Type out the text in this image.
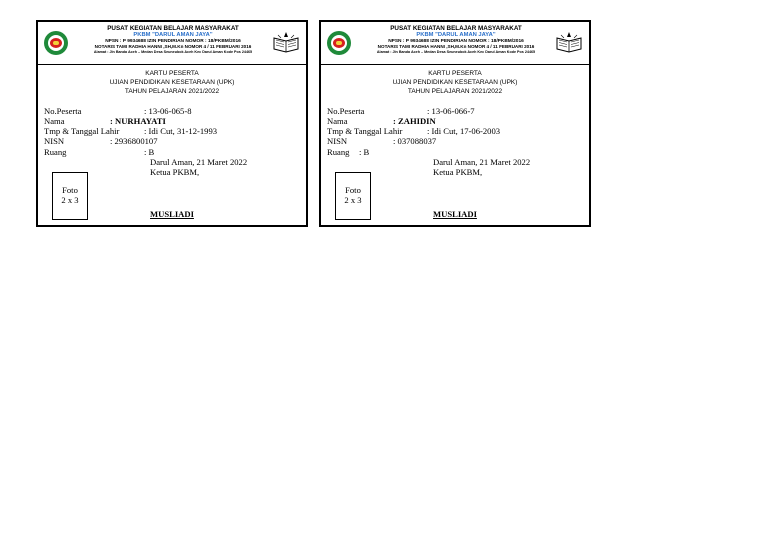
PUSAT KEGIATAN BELAJAR MASYARAKAT
PKBM "DARUL AMAN JAYA"
NPSN : P 9934688 IZIN PENDIRIAN NOMOR : 18/PKBM/2016
NOTARIS TAMI RADHIA HANNI ,SH,M.Kn NOMOR 4 / 11 FEBRUARI 2016
Alamat : Jln Banda Aceh – Medan Desa Seuneubok Aceh Kec Darul Aman Kode Pos 24465
KARTU PESERTA
UJIAN PENDIDIKAN KESETARAAN (UPK)
TAHUN PELAJARAN 2021/2022
No.Peserta	: 13-06-065-8
Nama	: NURHAYATI
Tmp & Tanggal Lahir	: Idi Cut, 31-12-1993
NISN	: 2936800107
Ruang	: B
Darul Aman, 21 Maret 2022
Ketua PKBM,
Foto
2 x 3
MUSLIADI
PUSAT KEGIATAN BELAJAR MASYARAKAT
PKBM "DARUL AMAN JAYA"
NPSN : P 9934688 IZIN PENDIRIAN NOMOR : 18/PKBM/2016
NOTARIS TAMI RADHIA HANNI ,SH,M.Kn NOMOR 4 / 11 FEBRUARI 2016
Alamat : Jln Banda Aceh – Medan Desa Seuneubok Aceh Kec Darul Aman Kode Pos 24465
KARTU PESERTA
UJIAN PENDIDIKAN KESETARAAN (UPK)
TAHUN PELAJARAN 2021/2022
No.Peserta	: 13-06-066-7
Nama	: ZAHIDIN
Tmp & Tanggal Lahir	: Idi Cut, 17-06-2003
NISN	: 037088037
Ruang : B
Darul Aman, 21 Maret 2022
Ketua PKBM,
Foto
2 x 3
MUSLIADI
